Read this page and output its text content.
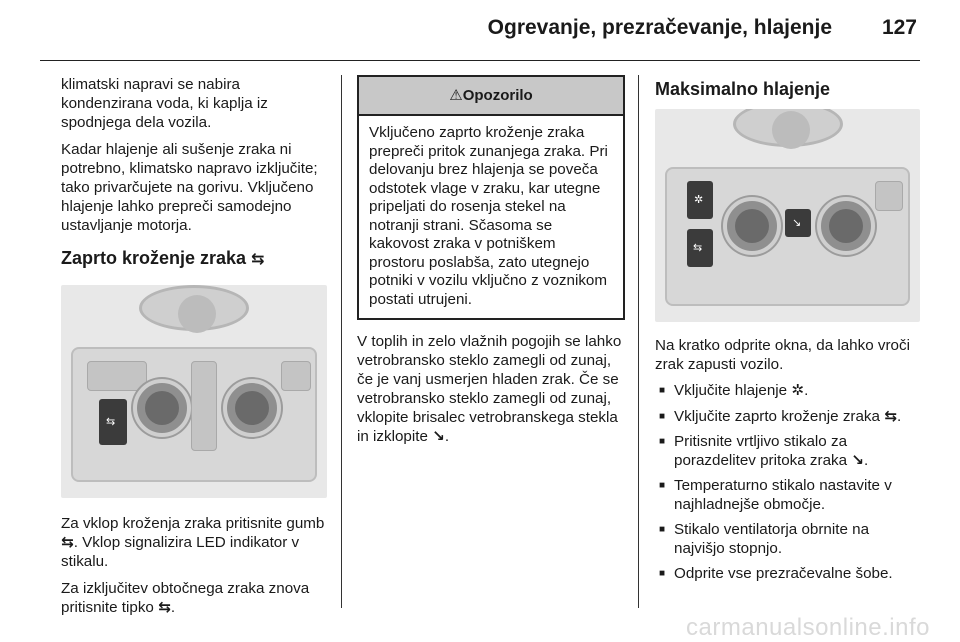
Ogrevanje, prezračevanje, hlajenje 127

klimatski napravi se nabira kondenzirana voda, ki kaplja iz spodnjega dela vozila.

Kadar hlajenje ali sušenje zraka ni potrebno, klimatsko napravo izključite; tako privarčujete na gorivu. Vključeno hlajenje lahko prepreči samodejno ustavljanje motorja.

Zaprto kroženje zraka ⇆
⇆

Za vklop kroženja zraka pritisnite gumb ⇆. Vklop signalizira LED indikator v stikalu.

Za izključitev obtočnega zraka znova pritisnite tipko ⇆.

⚠Opozorilo
Vključeno zaprto kroženje zraka prepreči pritok zunanjega zraka. Pri delovanju brez hlajenja se poveča odstotek vlage v zraku, kar utegne pripeljati do rosenja stekel na notranji strani. Sčasoma se kakovost zraka v potniškem prostoru poslabša, zato utegnejo potniki v vozilu vključno z voznikom postati utrujeni.

V toplih in zelo vlažnih pogojih se lahko vetrobransko steklo zamegli od zunaj, če je vanj usmerjen hladen zrak. Če se vetrobransko steklo zamegli od zunaj, vklopite brisalec vetrobranskega stekla in izklopite ↘.

Maksimalno hlajenje
✲
⇆
↘

Na kratko odprite okna, da lahko vroči zrak zapusti vozilo.

■ Vključite hlajenje ✲.
■ Vključite zaprto kroženje zraka ⇆.
■ Pritisnite vrtljivo stikalo za porazdelitev pritoka zraka ↘.
■ Temperaturno stikalo nastavite v najhladnejše območje.
■ Stikalo ventilatorja obrnite na najvišjo stopnjo.
■ Odprite vse prezračevalne šobe.
carmanualsonline.info
